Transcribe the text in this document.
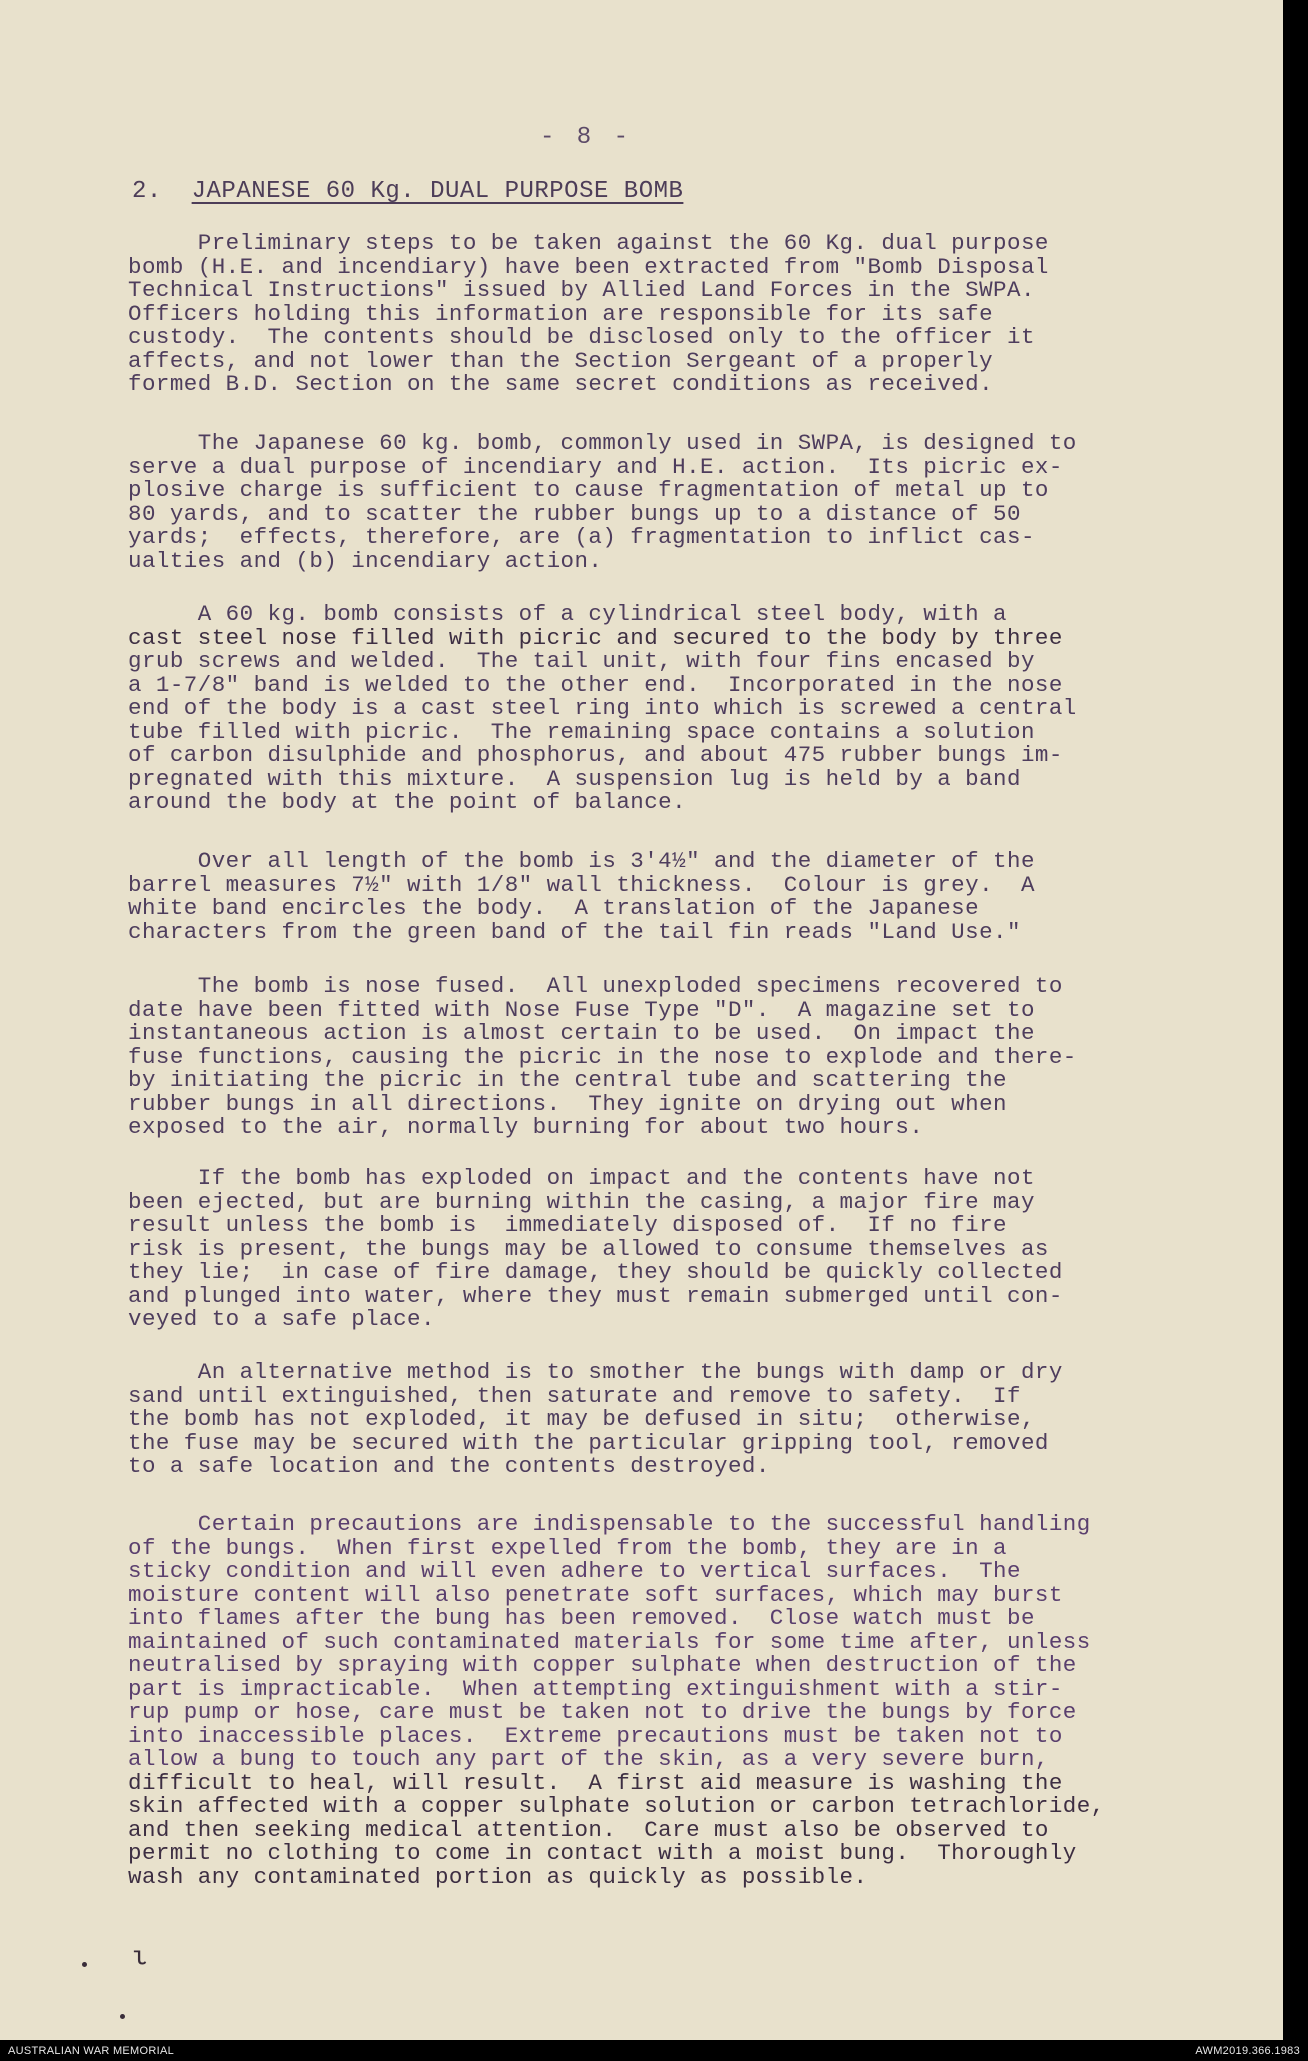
- 8 -
2. JAPANESE 60 Kg. DUAL PURPOSE BOMB
Preliminary steps to be taken against the 60 Kg. dual purpose
bomb (H.E. and incendiary) have been extracted from "Bomb Disposal
Technical Instructions" issued by Allied Land Forces in the SWPA.
Officers holding this information are responsible for its safe
custody.  The contents should be disclosed only to the officer it
affects, and not lower than the Section Sergeant of a properly
formed B.D. Section on the same secret conditions as received.
The Japanese 60 kg. bomb, commonly used in SWPA, is designed to
serve a dual purpose of incendiary and H.E. action.  Its picric ex-
plosive charge is sufficient to cause fragmentation of metal up to
80 yards, and to scatter the rubber bungs up to a distance of 50
yards;  effects, therefore, are (a) fragmentation to inflict cas-
ualties and (b) incendiary action.
A 60 kg. bomb consists of a cylindrical steel body, with a
cast steel nose filled with picric and secured to the body by three
grub screws and welded.  The tail unit, with four fins encased by
a 1-7/8" band is welded to the other end.  Incorporated in the nose
end of the body is a cast steel ring into which is screwed a central
tube filled with picric.  The remaining space contains a solution
of carbon disulphide and phosphorus, and about 475 rubber bungs im-
pregnated with this mixture.  A suspension lug is held by a band
around the body at the point of balance.
Over all length of the bomb is 3'4½" and the diameter of the
barrel measures 7½" with 1/8" wall thickness.  Colour is grey.  A
white band encircles the body.  A translation of the Japanese
characters from the green band of the tail fin reads "Land Use."
The bomb is nose fused.  All unexploded specimens recovered to
date have been fitted with Nose Fuse Type "D".  A magazine set to
instantaneous action is almost certain to be used.  On impact the
fuse functions, causing the picric in the nose to explode and there-
by initiating the picric in the central tube and scattering the
rubber bungs in all directions.  They ignite on drying out when
exposed to the air, normally burning for about two hours.
If the bomb has exploded on impact and the contents have not
been ejected, but are burning within the casing, a major fire may
result unless the bomb is  immediately disposed of.  If no fire
risk is present, the bungs may be allowed to consume themselves as
they lie;  in case of fire damage, they should be quickly collected
and plunged into water, where they must remain submerged until con-
veyed to a safe place.
An alternative method is to smother the bungs with damp or dry
sand until extinguished, then saturate and remove to safety.  If
the bomb has not exploded, it may be defused in situ;  otherwise,
the fuse may be secured with the particular gripping tool, removed
to a safe location and the contents destroyed.
Certain precautions are indispensable to the successful handling
of the bungs.  When first expelled from the bomb, they are in a
sticky condition and will even adhere to vertical surfaces.  The
moisture content will also penetrate soft surfaces, which may burst
into flames after the bung has been removed.  Close watch must be
maintained of such contaminated materials for some time after, unless
neutralised by spraying with copper sulphate when destruction of the
part is impracticable.  When attempting extinguishment with a stir-
rup pump or hose, care must be taken not to drive the bungs by force
into inaccessible places.  Extreme precautions must be taken not to
allow a bung to touch any part of the skin, as a very severe burn,
difficult to heal, will result.  A first aid measure is washing the
skin affected with a copper sulphate solution or carbon tetrachloride,
and then seeking medical attention.  Care must also be observed to
permit no clothing to come in contact with a moist bung.  Thoroughly
wash any contaminated portion as quickly as possible.
ι
AUSTRALIAN WAR MEMORIAL	AWM2019.366.1983
